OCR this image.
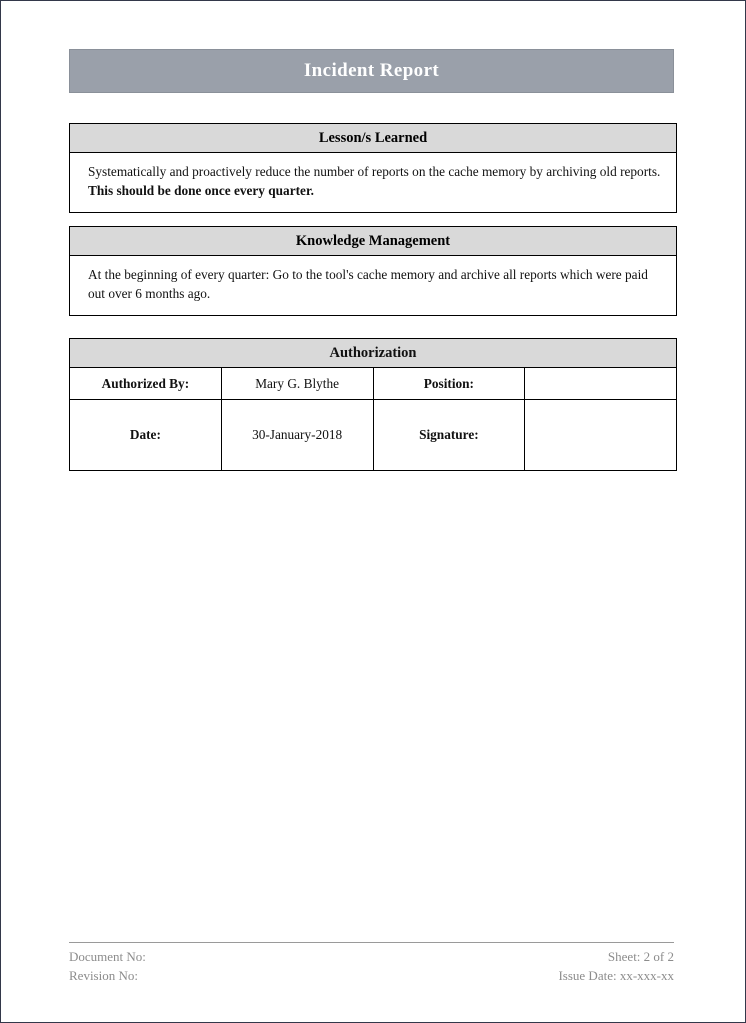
Incident Report
Lesson/s Learned
Systematically and proactively reduce the number of reports on the cache memory by archiving old reports. This should be done once every quarter.
Knowledge Management
At the beginning of every quarter: Go to the tool's cache memory and archive all reports which were paid out over 6 months ago.
Authorization			
Authorized By:	Mary G. Blythe	Position:	
Date:	30-January-2018	Signature:	
Document No:
Revision No:
Sheet: 2 of 2
Issue Date: xx-xxx-xx
